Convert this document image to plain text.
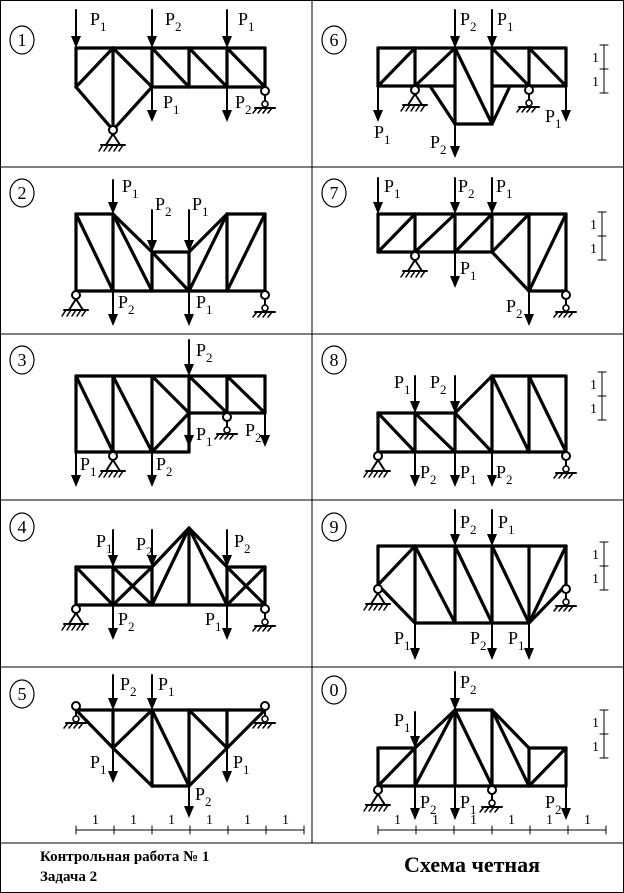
1
$P_1$	$P_2$	$P_1$
$P_1$	$P_2$
6
$P_2$ $P_1$
$P_1$ $P_2$
$P_1$
1
1
2	$P_1$
$P_2$ $P_1$
$P_2$	$P_1$
7	$P_1$	$P_2$ $P_1$
$P_1$
$P_2$
1
1
3	$P_2$
$P_1$
$P_2$
$P_1$	$P_2$
8
$P_1$ $P_2$
$P_2$ $P_1$ $P_2$
1
1
4
$P_1$ $P_2$
$P_2$
$P_2$	$P_1$
9	$P_2$ $P_1$
$P_1$	$P_2$ $P_1$
1
1
5	$P_2$ $P_1$
$P_1$	$P_1$
$P_2$
1 1 1 1 1 1
0	$P_2$
$P_1$
$P_2$ $P_1$	$P_2$
1
1
1 1 1 1 1 1
Контрольная работа № 1
Задача 2	Схема четная
